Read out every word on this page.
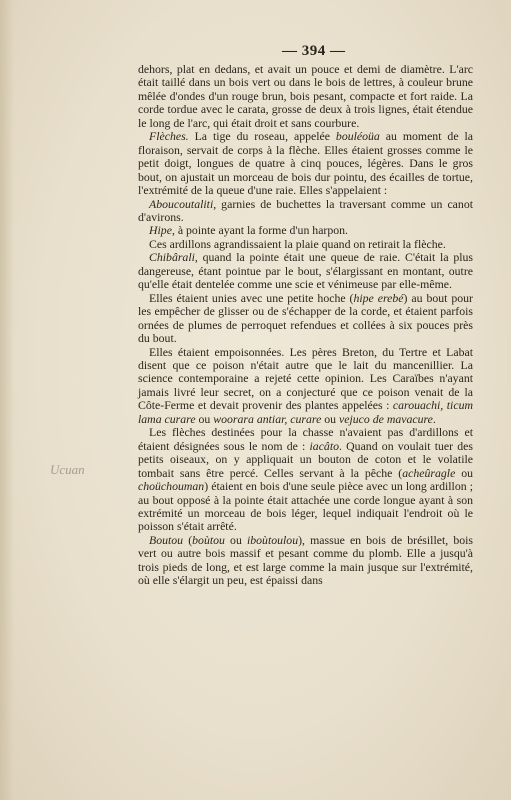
— 394 —
Ucuan

dehors, plat en dedans, et avait un pouce et demi de diamètre. L'arc était taillé dans un bois vert ou dans le bois de lettres, à couleur brune mêlée d'ondes d'un rouge brun, bois pesant, compacte et fort raide. La corde tordue avec le carata, grosse de deux à trois lignes, était étendue le long de l'arc, qui était droit et sans courbure.

Flèches. La tige du roseau, appelée bouléoüa au moment de la floraison, servait de corps à la flèche. Elles étaient grosses comme le petit doigt, longues de quatre à cinq pouces, légères. Dans le gros bout, on ajustait un morceau de bois dur pointu, des écailles de tortue, l'extrémité de la queue d'une raie. Elles s'appelaient :

Aboucoutaliti, garnies de buchettes la traversant comme un canot d'avirons.

Hipe, à pointe ayant la forme d'un harpon.

Ces ardillons agrandissaient la plaie quand on retirait la flèche.

Chibârali, quand la pointe était une queue de raie. C'était la plus dangereuse, étant pointue par le bout, s'élargissant en montant, outre qu'elle était dentelée comme une scie et vénimeuse par elle-même.

Elles étaient unies avec une petite hoche (hipe erebé) au bout pour les empêcher de glisser ou de s'échapper de la corde, et étaient parfois ornées de plumes de perroquet refendues et collées à six pouces près du bout.

Elles étaient empoisonnées. Les pères Breton, du Tertre et Labat disent que ce poison n'était autre que le lait du mancenillier. La science contemporaine a rejeté cette opinion. Les Caraïbes n'ayant jamais livré leur secret, on a conjecturé que ce poison venait de la Côte-Ferme et devait provenir des plantes appelées : carouachi, ticum lama curare ou woorara antiar, curare ou vejuco de mavacure.

Les flèches destinées pour la chasse n'avaient pas d'ardillons et étaient désignées sous le nom de : iacâto. Quand on voulait tuer des petits oiseaux, on y appliquait un bouton de coton et le volatile tombait sans être percé. Celles servant à la pêche (acheûragle ou choüchouman) étaient en bois d'une seule pièce avec un long ardillon ; au bout opposé à la pointe était attachée une corde longue ayant à son extrémité un morceau de bois léger, lequel indiquait l'endroit où le poisson s'était arrêté.

Boutou (boùtou ou iboùtoulou), massue en bois de brésillet, bois vert ou autre bois massif et pesant comme du plomb. Elle a jusqu'à trois pieds de long, et est large comme la main jusque sur l'extrémité, où elle s'élargit un peu, est épaissi dans
